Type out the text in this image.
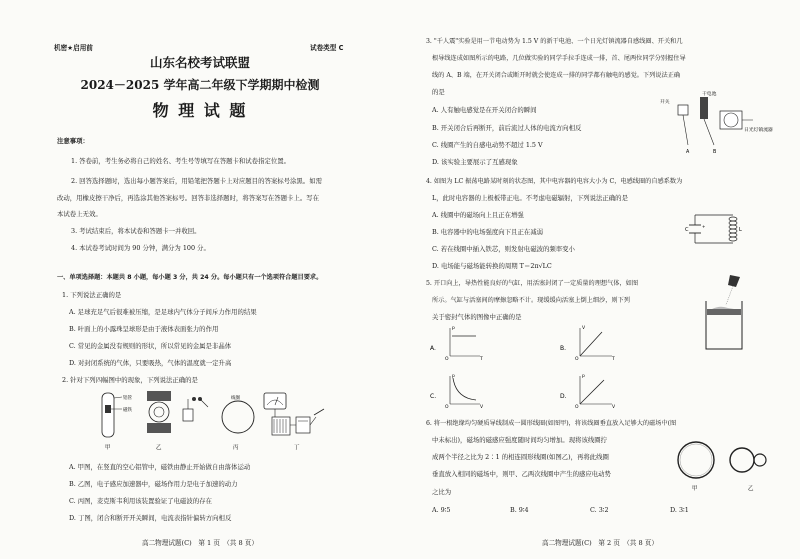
机密★启用前	试卷类型 C
山东名校考试联盟
2024－2025 学年高二年级下学期期中检测
物 理 试 题
注意事项：
1. 答卷前，考生务必将自己的姓名、考生号等填写在答题卡和试卷指定位置。
2. 回答选择题时，选出每小题答案后，用铅笔把答题卡上对应题目的答案标号涂黑。如需
改动，用橡皮擦干净后，再选涂其他答案标号。回答非选择题时，将答案写在答题卡上。写在
本试卷上无效。
3. 考试结束后，将本试卷和答题卡一并收回。
4. 本试卷考试时间为 90 分钟，满分为 100 分。
一、单项选择题：本题共 8 小题，每小题 3 分，共 24 分。每小题只有一个选项符合题目要求。
1. 下列说法正确的是
A. 足球充足气后很难被压缩，是足球内气体分子间斥力作用的结果
B. 叶面上的小露珠呈球形是由于液体表面张力的作用
C. 常见的金属没有规则的形状，所以常见的金属是非晶体
D. 对封闭系统的气体，只要吸热，气体的温度就一定升高
2. 针对下列四幅图中的现象，下列说法正确的是
铝管
磁铁
甲	乙
线圈
丙	丁
A. 甲图，在竖直的空心铝管中，磁铁由静止开始做自由落体运动
B. 乙图，电子感应加速器中，磁场作用力是电子加速的动力
C. 丙图，麦克斯韦利用该装置验证了电磁波的存在
D. 丁图，闭合和断开开关瞬间，电流表指针偏转方向相反
高二物理试题(C)　第 1 页　（共 8 页）
3. "千人震"实验是用一节电动势为 1.5 V 的新干电池、一个日光灯镇流器自感线圈、开关和几
根导线连成如图所示的电路，几位做实验的同学手拉手连成一排，首、尾两位同学分别握住导
线的 A、B 端，在开关闭合或断开时就会使连成一排的同学都有触电的感觉。下列说法正确
的是
A. 人有触电感觉是在开关闭合的瞬间
B. 开关闭合后再断开，前后流过人体的电流方向相反
C. 线圈产生的自感电动势不超过 1.5 V
D. 该实验主要展示了互感现象
开关
干电池
日光灯镇流器
A	B
4. 如图为 LC 振荡电路某时刻的状态图，其中电容器的电容大小为 C，电感线圈的自感系数为
L，此时电容器的上极板带正电。不考虑电磁辐射，下列说法正确的是
A. 线圈中的磁场向上且正在增强
B. 电容器中的电场强度向下且正在减弱
C. 若在线圈中插入铁芯，则发射电磁波的频率变小
D. 电场能与磁场能转换的周期 T＝2π√LC
+
C	L
5. 开口向上，导热性能良好的气缸，用活塞封闭了一定质量的理想气体，如图
所示。气缸与活塞间的摩擦忽略不计。现缓缓向活塞上倒上细沙，则下列
关于密封气体的图像中正确的是
A.
p
T
O
B.
V
T
O
C.
p
V
O
D.
p
V
O
6. 将一根绝缘均匀硬质导线制成一圆形线圈(如图甲)，将该线圈垂直放入足够大的磁场中(图
中未标出)，磁场的磁感应强度随时间均匀增加。现将该线圈拧
成两个半径之比为 2∶1 的相连圆形线圈(如图乙)，再将此线圈
垂直放入相同的磁场中，则甲、乙两次线圈中产生的感应电动势
之比为
A. 9∶5	B. 9∶4	C. 3∶2	D. 3∶1
甲	乙
高二物理试题(C)　第 2 页　（共 8 页）
